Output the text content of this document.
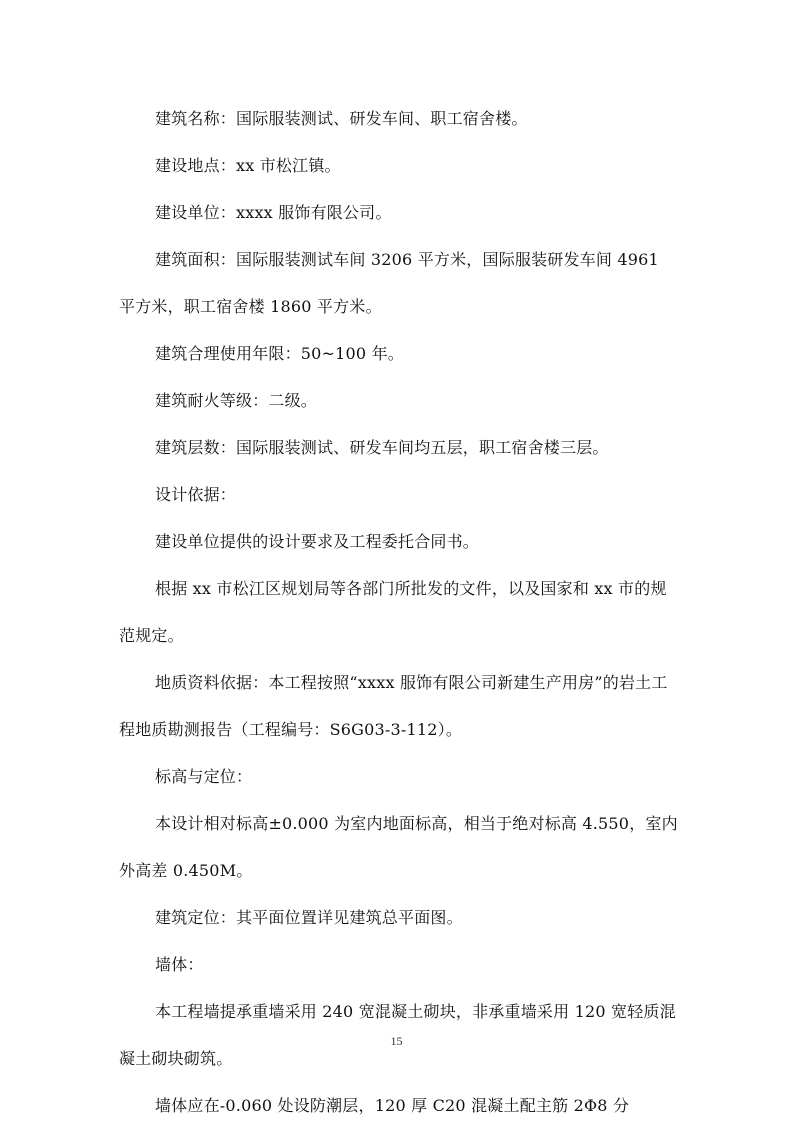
建筑名称：国际服装测试、研发车间、职工宿舍楼。

建设地点：xx 市松江镇。

建设单位：xxxx 服饰有限公司。

建筑面积：国际服装测试车间 3206 平方米，国际服装研发车间 4961 平方米，职工宿舍楼 1860 平方米。

建筑合理使用年限：50~100 年。

建筑耐火等级：二级。

建筑层数：国际服装测试、研发车间均五层，职工宿舍楼三层。

设计依据：

建设单位提供的设计要求及工程委托合同书。

根据 xx 市松江区规划局等各部门所批发的文件，以及国家和 xx 市的规范规定。

地质资料依据：本工程按照“xxxx 服饰有限公司新建生产用房”的岩土工程地质勘测报告（工程编号：S6G03-3-112）。

标高与定位：

本设计相对标高±0.000 为室内地面标高，相当于绝对标高 4.550，室内外高差 0.450M。

建筑定位：其平面位置详见建筑总平面图。

墙体：

本工程墙提承重墙采用 240 宽混凝土砌块，非承重墙采用 120 宽轻质混凝土砌块砌筑。

墙体应在-0.060 处设防潮层，120 厚 C20 混凝土配主筋 2Φ8 分

15
